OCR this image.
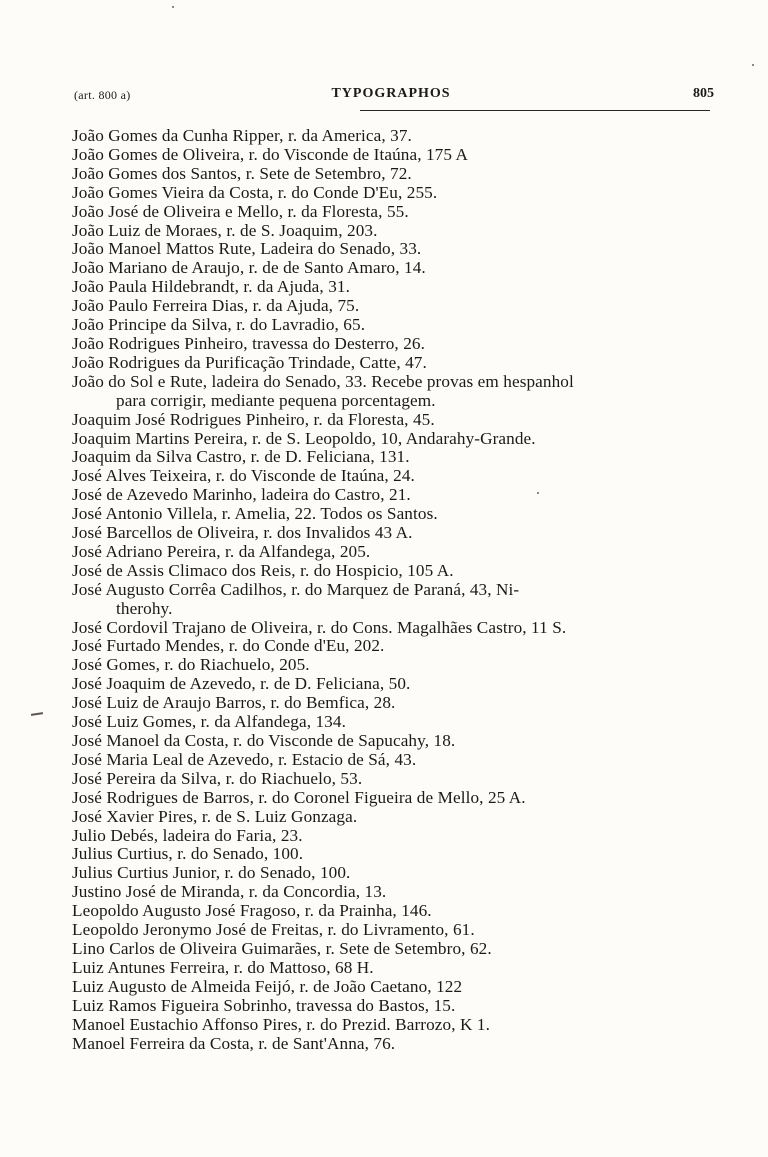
(art. 800 a)	TYPOGRAPHOS	805
João Gomes da Cunha Ripper, r. da America, 37.
João Gomes de Oliveira, r. do Visconde de Itaúna, 175 A
João Gomes dos Santos, r. Sete de Setembro, 72.
João Gomes Vieira da Costa, r. do Conde D'Eu, 255.
João José de Oliveira e Mello, r. da Floresta, 55.
João Luiz de Moraes, r. de S. Joaquim, 203.
João Manoel Mattos Rute, Ladeira do Senado, 33.
João Mariano de Araujo, r. de de Santo Amaro, 14.
João Paula Hildebrandt, r. da Ajuda, 31.
João Paulo Ferreira Dias, r. da Ajuda, 75.
João Principe da Silva, r. do Lavradio, 65.
João Rodrigues Pinheiro, travessa do Desterro, 26.
João Rodrigues da Purificação Trindade, Catte, 47.
João do Sol e Rute, ladeira do Senado, 33. Recebe provas em hespanhol
para corrigir, mediante pequena porcentagem.
Joaquim José Rodrigues Pinheiro, r. da Floresta, 45.
Joaquim Martins Pereira, r. de S. Leopoldo, 10, Andarahy-Grande.
Joaquim da Silva Castro, r. de D. Feliciana, 131.
José Alves Teixeira, r. do Visconde de Itaúna, 24.
José de Azevedo Marinho, ladeira do Castro, 21.
José Antonio Villela, r. Amelia, 22. Todos os Santos.
José Barcellos de Oliveira, r. dos Invalidos 43 A.
José Adriano Pereira, r. da Alfandega, 205.
José de Assis Climaco dos Reis, r. do Hospicio, 105 A.
José Augusto Corrêa Cadilhos, r. do Marquez de Paraná, 43, Ni-
therohy.
José Cordovil Trajano de Oliveira, r. do Cons. Magalhães Castro, 11 S.
José Furtado Mendes, r. do Conde d'Eu, 202.
José Gomes, r. do Riachuelo, 205.
José Joaquim de Azevedo, r. de D. Feliciana, 50.
José Luiz de Araujo Barros, r. do Bemfica, 28.
José Luiz Gomes, r. da Alfandega, 134.
José Manoel da Costa, r. do Visconde de Sapucahy, 18.
José Maria Leal de Azevedo, r. Estacio de Sá, 43.
José Pereira da Silva, r. do Riachuelo, 53.
José Rodrigues de Barros, r. do Coronel Figueira de Mello, 25 A.
José Xavier Pires, r. de S. Luiz Gonzaga.
Julio Debés, ladeira do Faria, 23.
Julius Curtius, r. do Senado, 100.
Julius Curtius Junior, r. do Senado, 100.
Justino José de Miranda, r. da Concordia, 13.
Leopoldo Augusto José Fragoso, r. da Prainha, 146.
Leopoldo Jeronymo José de Freitas, r. do Livramento, 61.
Lino Carlos de Oliveira Guimarães, r. Sete de Setembro, 62.
Luiz Antunes Ferreira, r. do Mattoso, 68 H.
Luiz Augusto de Almeida Feijó, r. de João Caetano, 122
Luiz Ramos Figueira Sobrinho, travessa do Bastos, 15.
Manoel Eustachio Affonso Pires, r. do Prezid. Barrozo, K 1.
Manoel Ferreira da Costa, r. de Sant'Anna, 76.
